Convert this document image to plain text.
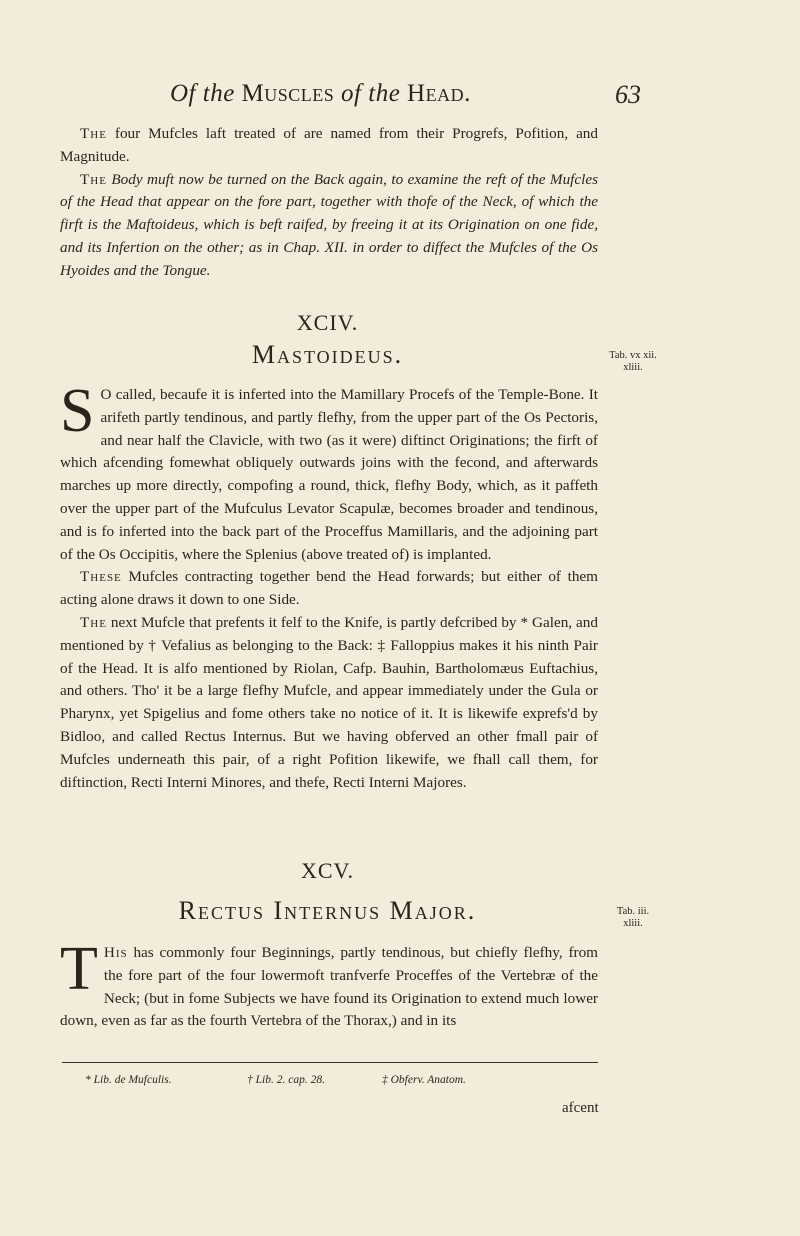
Of the Muscles of the Head.	63

The four Mufcles laft treated of are named from their Progrefs, Pofition, and Magnitude.

The Body muft now be turned on the Back again, to examine the reft of the Mufcles of the Head that appear on the fore part, together with thofe of the Neck, of which the firft is the Maftoideus, which is beft raifed, by freeing it at its Origination on one fide, and its Infertion on the other; as in Chap. XII. in order to diffect the Mufcles of the Os Hyoides and the Tongue.

XCIV.
Mastoideus.	Tab. vx xii.
xliii.

S O called, becaufe it is inferted into the Mamillary Procefs of the Temple-Bone. It arifeth partly tendinous, and partly flefhy, from the upper part of the Os Pectoris, and near half the Clavicle, with two (as it were) diftinct Originations; the firft of which afcending fomewhat obliquely outwards joins with the fecond, and afterwards marches up more directly, compofing a round, thick, flefhy Body, which, as it paffeth over the upper part of the Mufculus Levator Scapulæ, becomes broader and tendinous, and is fo inferted into the back part of the Proceffus Mamillaris, and the adjoining part of the Os Occipitis, where the Splenius (above treated of) is implanted.

These Mufcles contracting together bend the Head forwards; but either of them acting alone draws it down to one Side.

The next Mufcle that prefents it felf to the Knife, is partly defcribed by * Galen, and mentioned by † Vefalius as belonging to the Back: ‡ Falloppius makes it his ninth Pair of the Head. It is alfo mentioned by Riolan, Cafp. Bauhin, Bartholomæus Euftachius, and others. Tho' it be a large flefhy Mufcle, and appear immediately under the Gula or Pharynx, yet Spigelius and fome others take no notice of it. It is likewife exprefs'd by Bidloo, and called Rectus Internus. But we having obferved an other fmall pair of Mufcles underneath this pair, of a right Pofition likewife, we fhall call them, for diftinction, Recti Interni Minores, and thefe, Recti Interni Majores.

XCV.
Rectus Internus Major.	Tab. iii.
xliii.

T His has commonly four Beginnings, partly tendinous, but chiefly flefhy, from the fore part of the four lowermoft tranfverfe Proceffes of the Vertebræ of the Neck; (but in fome Subjects we have found its Origination to extend much lower down, even as far as the fourth Vertebra of the Thorax,) and in its

* Lib. de Mufculis.	† Lib. 2. cap. 28.	‡ Obferv. Anatom.
afcent
